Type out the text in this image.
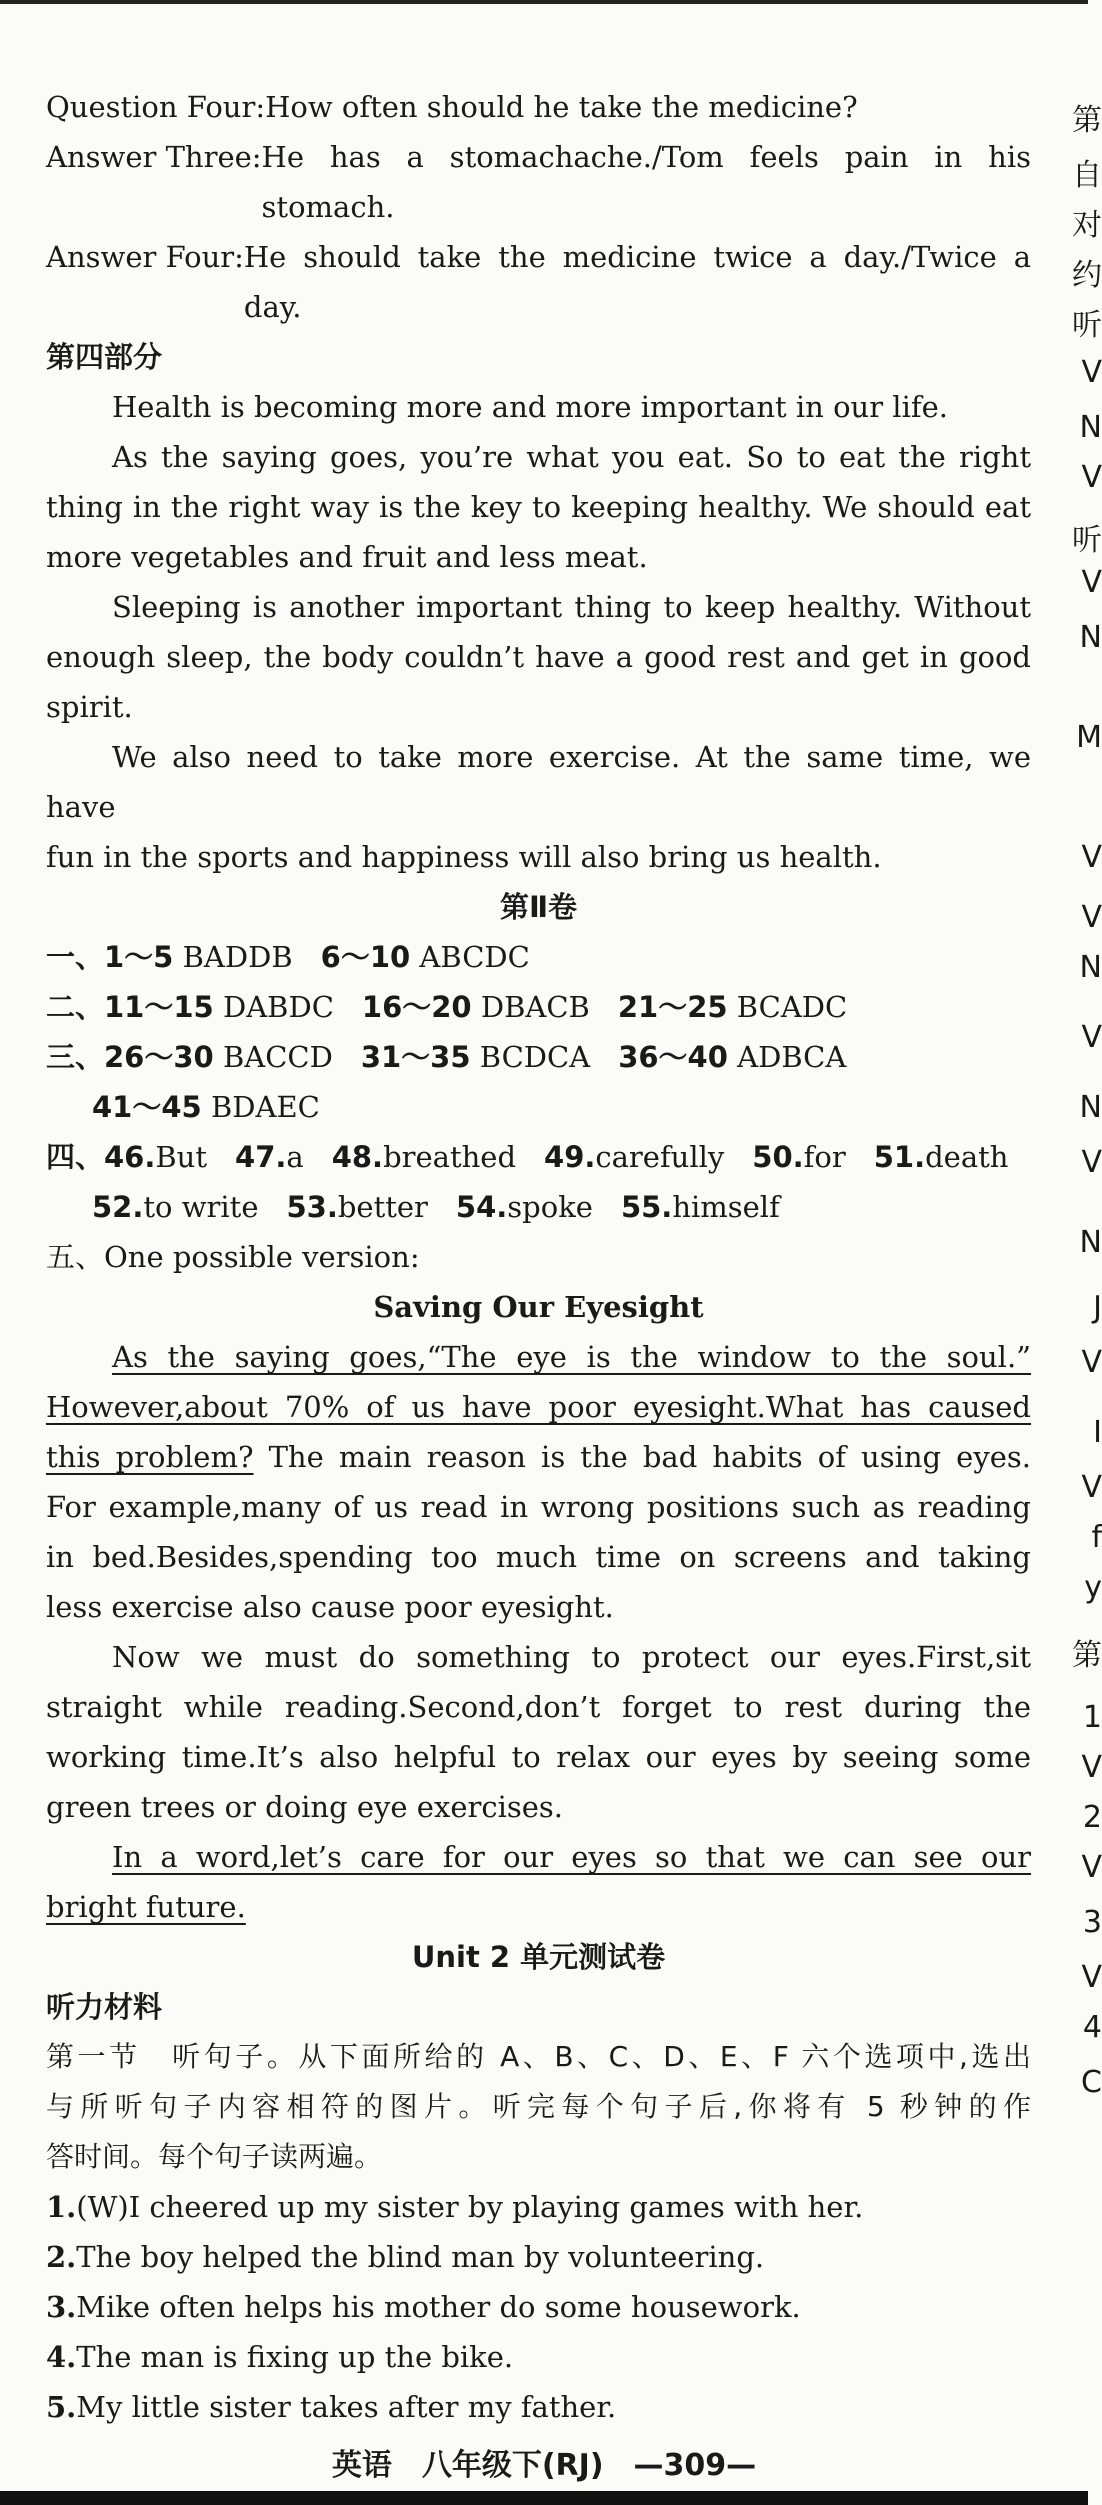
Question Four:How often should he take the medicine?
Answer Three: He has a stomachache./Tom feels pain in his
stomach.
Answer Four: He should take the medicine twice a day./Twice a
day.
第四部分
Health is becoming more and more important in our life.
As the saying goes, you’re what you eat. So to eat the right
thing in the right way is the key to keeping healthy. We should eat
more vegetables and fruit and less meat.
Sleeping is another important thing to keep healthy. Without
enough sleep, the body couldn’t have a good rest and get in good
spirit.
We also need to take more exercise. At the same time, we have
fun in the sports and happiness will also bring us health.
第Ⅱ卷
一、1～5 BADDB 6～10 ABCDC
二、11～15 DABDC 16～20 DBACB 21～25 BCADC
三、26～30 BACCD 31～35 BCDCA 36～40 ADBCA
41～45 BDAEC
四、46.But 47.a 48.breathed 49.carefully 50.for 51.death
52.to write 53.better 54.spoke 55.himself
五、One possible version:
Saving Our Eyesight
As the saying goes,“The eye is the window to the soul.”
However,about 70% of us have poor eyesight.What has caused
this problem? The main reason is the bad habits of using eyes.
For example,many of us read in wrong positions such as reading
in bed.Besides,spending too much time on screens and taking
less exercise also cause poor eyesight.
Now we must do something to protect our eyes.First,sit
straight while reading.Second,don’t forget to rest during the
working time.It’s also helpful to relax our eyes by seeing some
green trees or doing eye exercises.
In a word,let’s care for our eyes so that we can see our
bright future.
Unit 2 单元测试卷
听力材料
第一节　听句子。从下面所给的 A、B、C、D、E、F 六个选项中,选出
与所听句子内容相符的图片。听完每个句子后,你将有 5 秒钟的作
答时间。每个句子读两遍。
1.(W)I cheered up my sister by playing games with her.
2.The boy helped the blind man by volunteering.
3.Mike often helps his mother do some housework.
4.The man is fixing up the bike.
5.My little sister takes after my father.
英语　八年级下(RJ)　—309—
第
自
对
约
听
V
N
V
听
V
N
M
V
V
N
V
N
V
N
J
V
I
V
f
y
第
1
V
2
V
3
V
4
C
